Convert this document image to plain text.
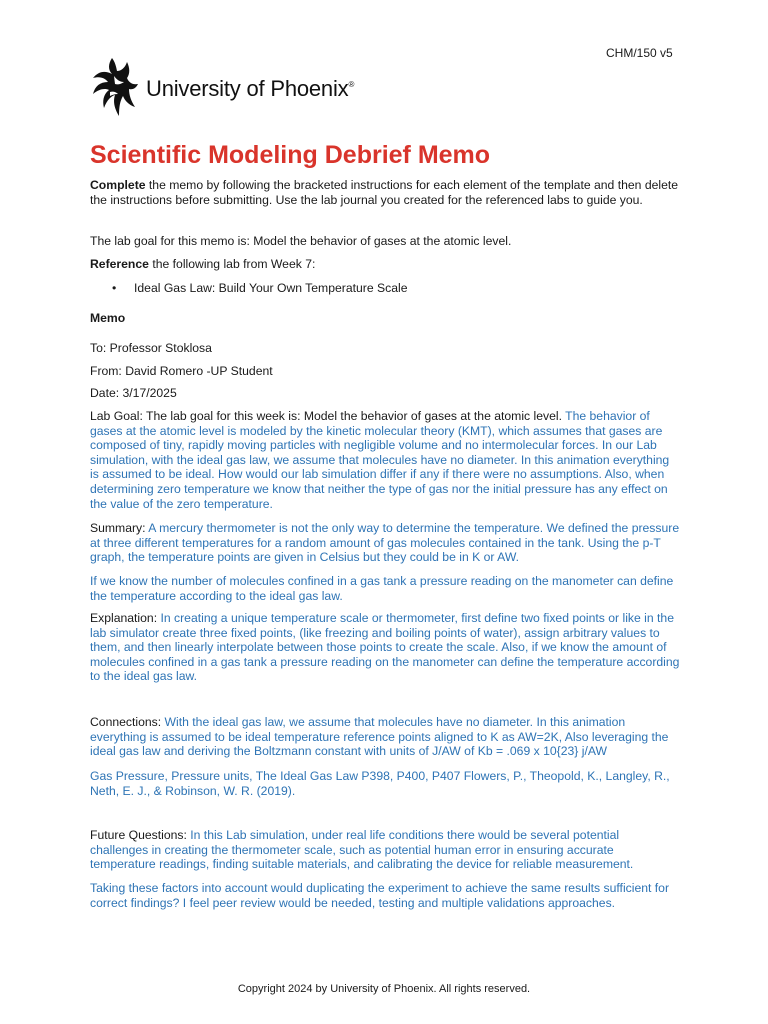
CHM/150 v5
University of Phoenix®
Scientific Modeling Debrief Memo

Complete the memo by following the bracketed instructions for each element of the template and then delete the instructions before submitting. Use the lab journal you created for the referenced labs to guide you.

The lab goal for this memo is: Model the behavior of gases at the atomic level.

Reference the following lab from Week 7:

•	Ideal Gas Law: Build Your Own Temperature Scale

Memo

To: Professor Stoklosa

From: David Romero -UP Student

Date: 3/17/2025

Lab Goal: The lab goal for this week is: Model the behavior of gases at the atomic level. The behavior of gases at the atomic level is modeled by the kinetic molecular theory (KMT), which assumes that gases are composed of tiny, rapidly moving particles with negligible volume and no intermolecular forces. In our Lab simulation, with the ideal gas law, we assume that molecules have no diameter. In this animation everything is assumed to be ideal. How would our lab simulation differ if any if there were no assumptions. Also, when determining zero temperature we know that neither the type of gas nor the initial pressure has any effect on the value of the zero temperature.

Summary: A mercury thermometer is not the only way to determine the temperature. We defined the pressure at three different temperatures for a random amount of gas molecules contained in the tank. Using the p-T graph, the temperature points are given in Celsius but they could be in K or AW.

If we know the number of molecules confined in a gas tank a pressure reading on the manometer can define the temperature according to the ideal gas law.

Explanation: In creating a unique temperature scale or thermometer, first define two fixed points or like in the lab simulator create three fixed points, (like freezing and boiling points of water), assign arbitrary values to them, and then linearly interpolate between those points to create the scale. Also, if we know the amount of molecules confined in a gas tank a pressure reading on the manometer can define the temperature according to the ideal gas law.

Connections: With the ideal gas law, we assume that molecules have no diameter. In this animation everything is assumed to be ideal temperature reference points aligned to K as AW=2K, Also leveraging the ideal gas law and deriving the Boltzmann constant with units of J/AW of Kb = .069 x 10{23} j/AW

Gas Pressure, Pressure units, The Ideal Gas Law P398, P400, P407 Flowers, P., Theopold, K., Langley, R., Neth, E. J., & Robinson, W. R. (2019).

Future Questions: In this Lab simulation, under real life conditions there would be several potential challenges in creating the thermometer scale, such as potential human error in ensuring accurate temperature readings, finding suitable materials, and calibrating the device for reliable measurement.

Taking these factors into account would duplicating the experiment to achieve the same results sufficient for correct findings? I feel peer review would be needed, testing and multiple validations approaches.

Copyright 2024 by University of Phoenix. All rights reserved.
